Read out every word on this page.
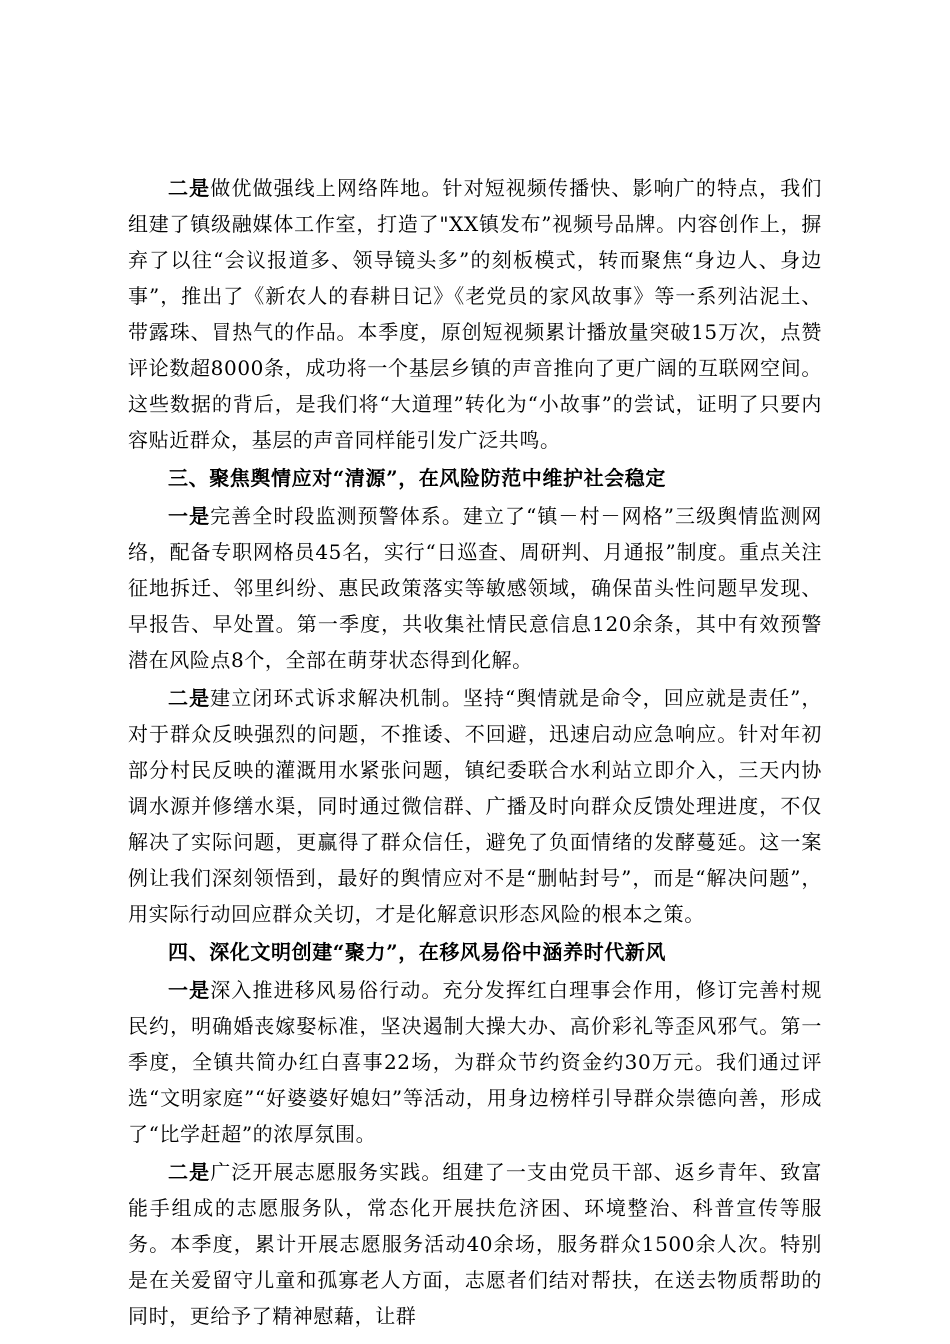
二是做优做强线上网络阵地。针对短视频传播快、影响广的特点，我们组建了镇级融媒体工作室，打造了"XX镇发布”视频号品牌。内容创作上，摒弃了以往“会议报道多、领导镜头多”的刻板模式，转而聚焦“身边人、身边事”，推出了《新农人的春耕日记》《老党员的家风故事》等一系列沾泥土、带露珠、冒热气的作品。本季度，原创短视频累计播放量突破15万次，点赞评论数超8000条，成功将一个基层乡镇的声音推向了更广阔的互联网空间。这些数据的背后，是我们将“大道理”转化为“小故事”的尝试，证明了只要内容贴近群众，基层的声音同样能引发广泛共鸣。

三、聚焦舆情应对“清源”，在风险防范中维护社会稳定

一是完善全时段监测预警体系。建立了“镇－村－网格”三级舆情监测网络，配备专职网格员45名，实行“日巡查、周研判、月通报”制度。重点关注征地拆迁、邻里纠纷、惠民政策落实等敏感领域，确保苗头性问题早发现、早报告、早处置。第一季度，共收集社情民意信息120余条，其中有效预警潜在风险点8个，全部在萌芽状态得到化解。

二是建立闭环式诉求解决机制。坚持“舆情就是命令，回应就是责任”，对于群众反映强烈的问题，不推诿、不回避，迅速启动应急响应。针对年初部分村民反映的灌溉用水紧张问题，镇纪委联合水利站立即介入，三天内协调水源并修缮水渠，同时通过微信群、广播及时向群众反馈处理进度，不仅解决了实际问题，更赢得了群众信任，避免了负面情绪的发酵蔓延。这一案例让我们深刻领悟到，最好的舆情应对不是“删帖封号”，而是“解决问题”，用实际行动回应群众关切，才是化解意识形态风险的根本之策。

四、深化文明创建“聚力”，在移风易俗中涵养时代新风

一是深入推进移风易俗行动。充分发挥红白理事会作用，修订完善村规民约，明确婚丧嫁娶标准，坚决遏制大操大办、高价彩礼等歪风邪气。第一季度，全镇共简办红白喜事22场，为群众节约资金约30万元。我们通过评选“文明家庭”“好婆婆好媳妇”等活动，用身边榜样引导群众崇德向善，形成了“比学赶超”的浓厚氛围。

二是广泛开展志愿服务实践。组建了一支由党员干部、返乡青年、致富能手组成的志愿服务队，常态化开展扶危济困、环境整治、科普宣传等服务。本季度，累计开展志愿服务活动40余场，服务群众1500余人次。特别是在关爱留守儿童和孤寡老人方面，志愿者们结对帮扶，在送去物质帮助的同时，更给予了精神慰藉，让群
